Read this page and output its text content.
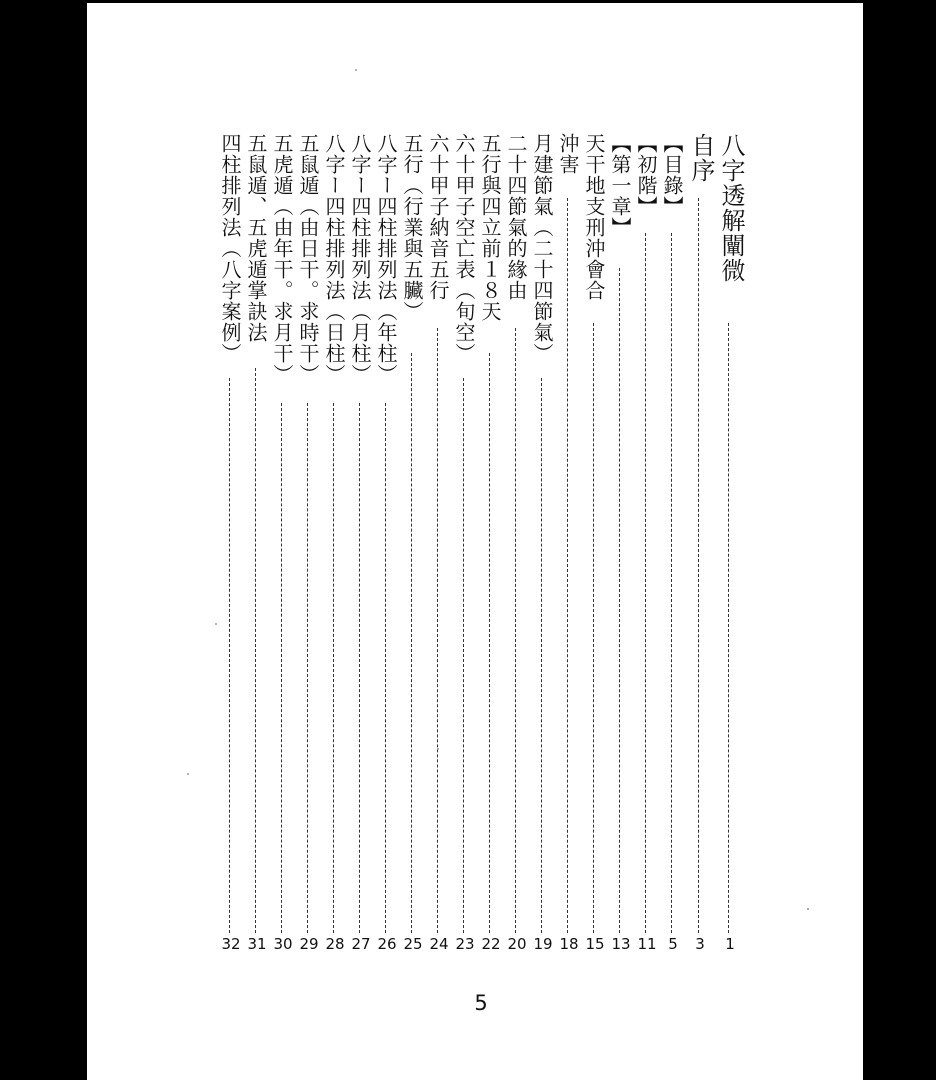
八字透解闡微
1
自序
3
【目錄】
5
【初階】
11
【第一章】
13
天干地支刑沖會合
15
沖害
18
月建節氣（二十四節氣）
19
二十四節氣的緣由
20
五行與四立前１８天
22
六十甲子空亡表（旬空）
23
六十甲子納音五行
24
五行（行業與五臟）
25
八字ー四柱排列法（年柱）
26
八字ー四柱排列法（月柱）
27
八字ー四柱排列法（日柱）
28
五鼠遁（由日干。求時干）
29
五虎遁（由年干。求月干）
30
五鼠遁、五虎遁掌訣法
31
四柱排列法（八字案例）
32
5
